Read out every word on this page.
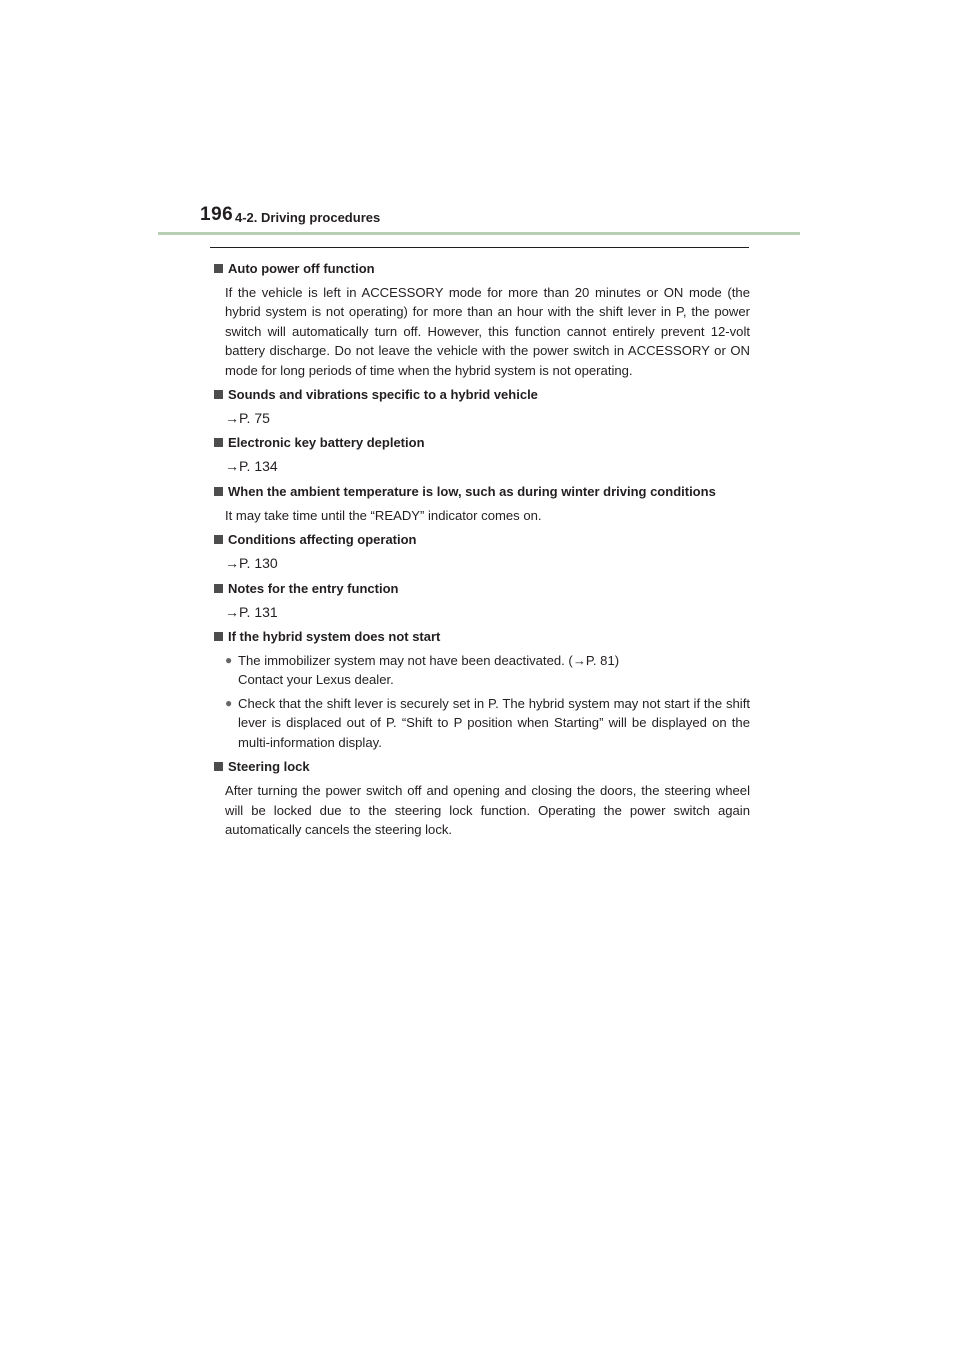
196 4-2. Driving procedures
Auto power off function
If the vehicle is left in ACCESSORY mode for more than 20 minutes or ON mode (the hybrid system is not operating) for more than an hour with the shift lever in P, the power switch will automatically turn off. However, this function cannot entirely prevent 12-volt battery discharge. Do not leave the vehicle with the power switch in ACCESSORY or ON mode for long periods of time when the hybrid system is not operating.
Sounds and vibrations specific to a hybrid vehicle
→P. 75
Electronic key battery depletion
→P. 134
When the ambient temperature is low, such as during winter driving conditions
It may take time until the “READY” indicator comes on.
Conditions affecting operation
→P. 130
Notes for the entry function
→P. 131
If the hybrid system does not start
● The immobilizer system may not have been deactivated. (→P. 81)
Contact your Lexus dealer.
● Check that the shift lever is securely set in P. The hybrid system may not start if the shift lever is displaced out of P. “Shift to P position when Starting” will be displayed on the multi-information display.
Steering lock
After turning the power switch off and opening and closing the doors, the steering wheel will be locked due to the steering lock function. Operating the power switch again automatically cancels the steering lock.
